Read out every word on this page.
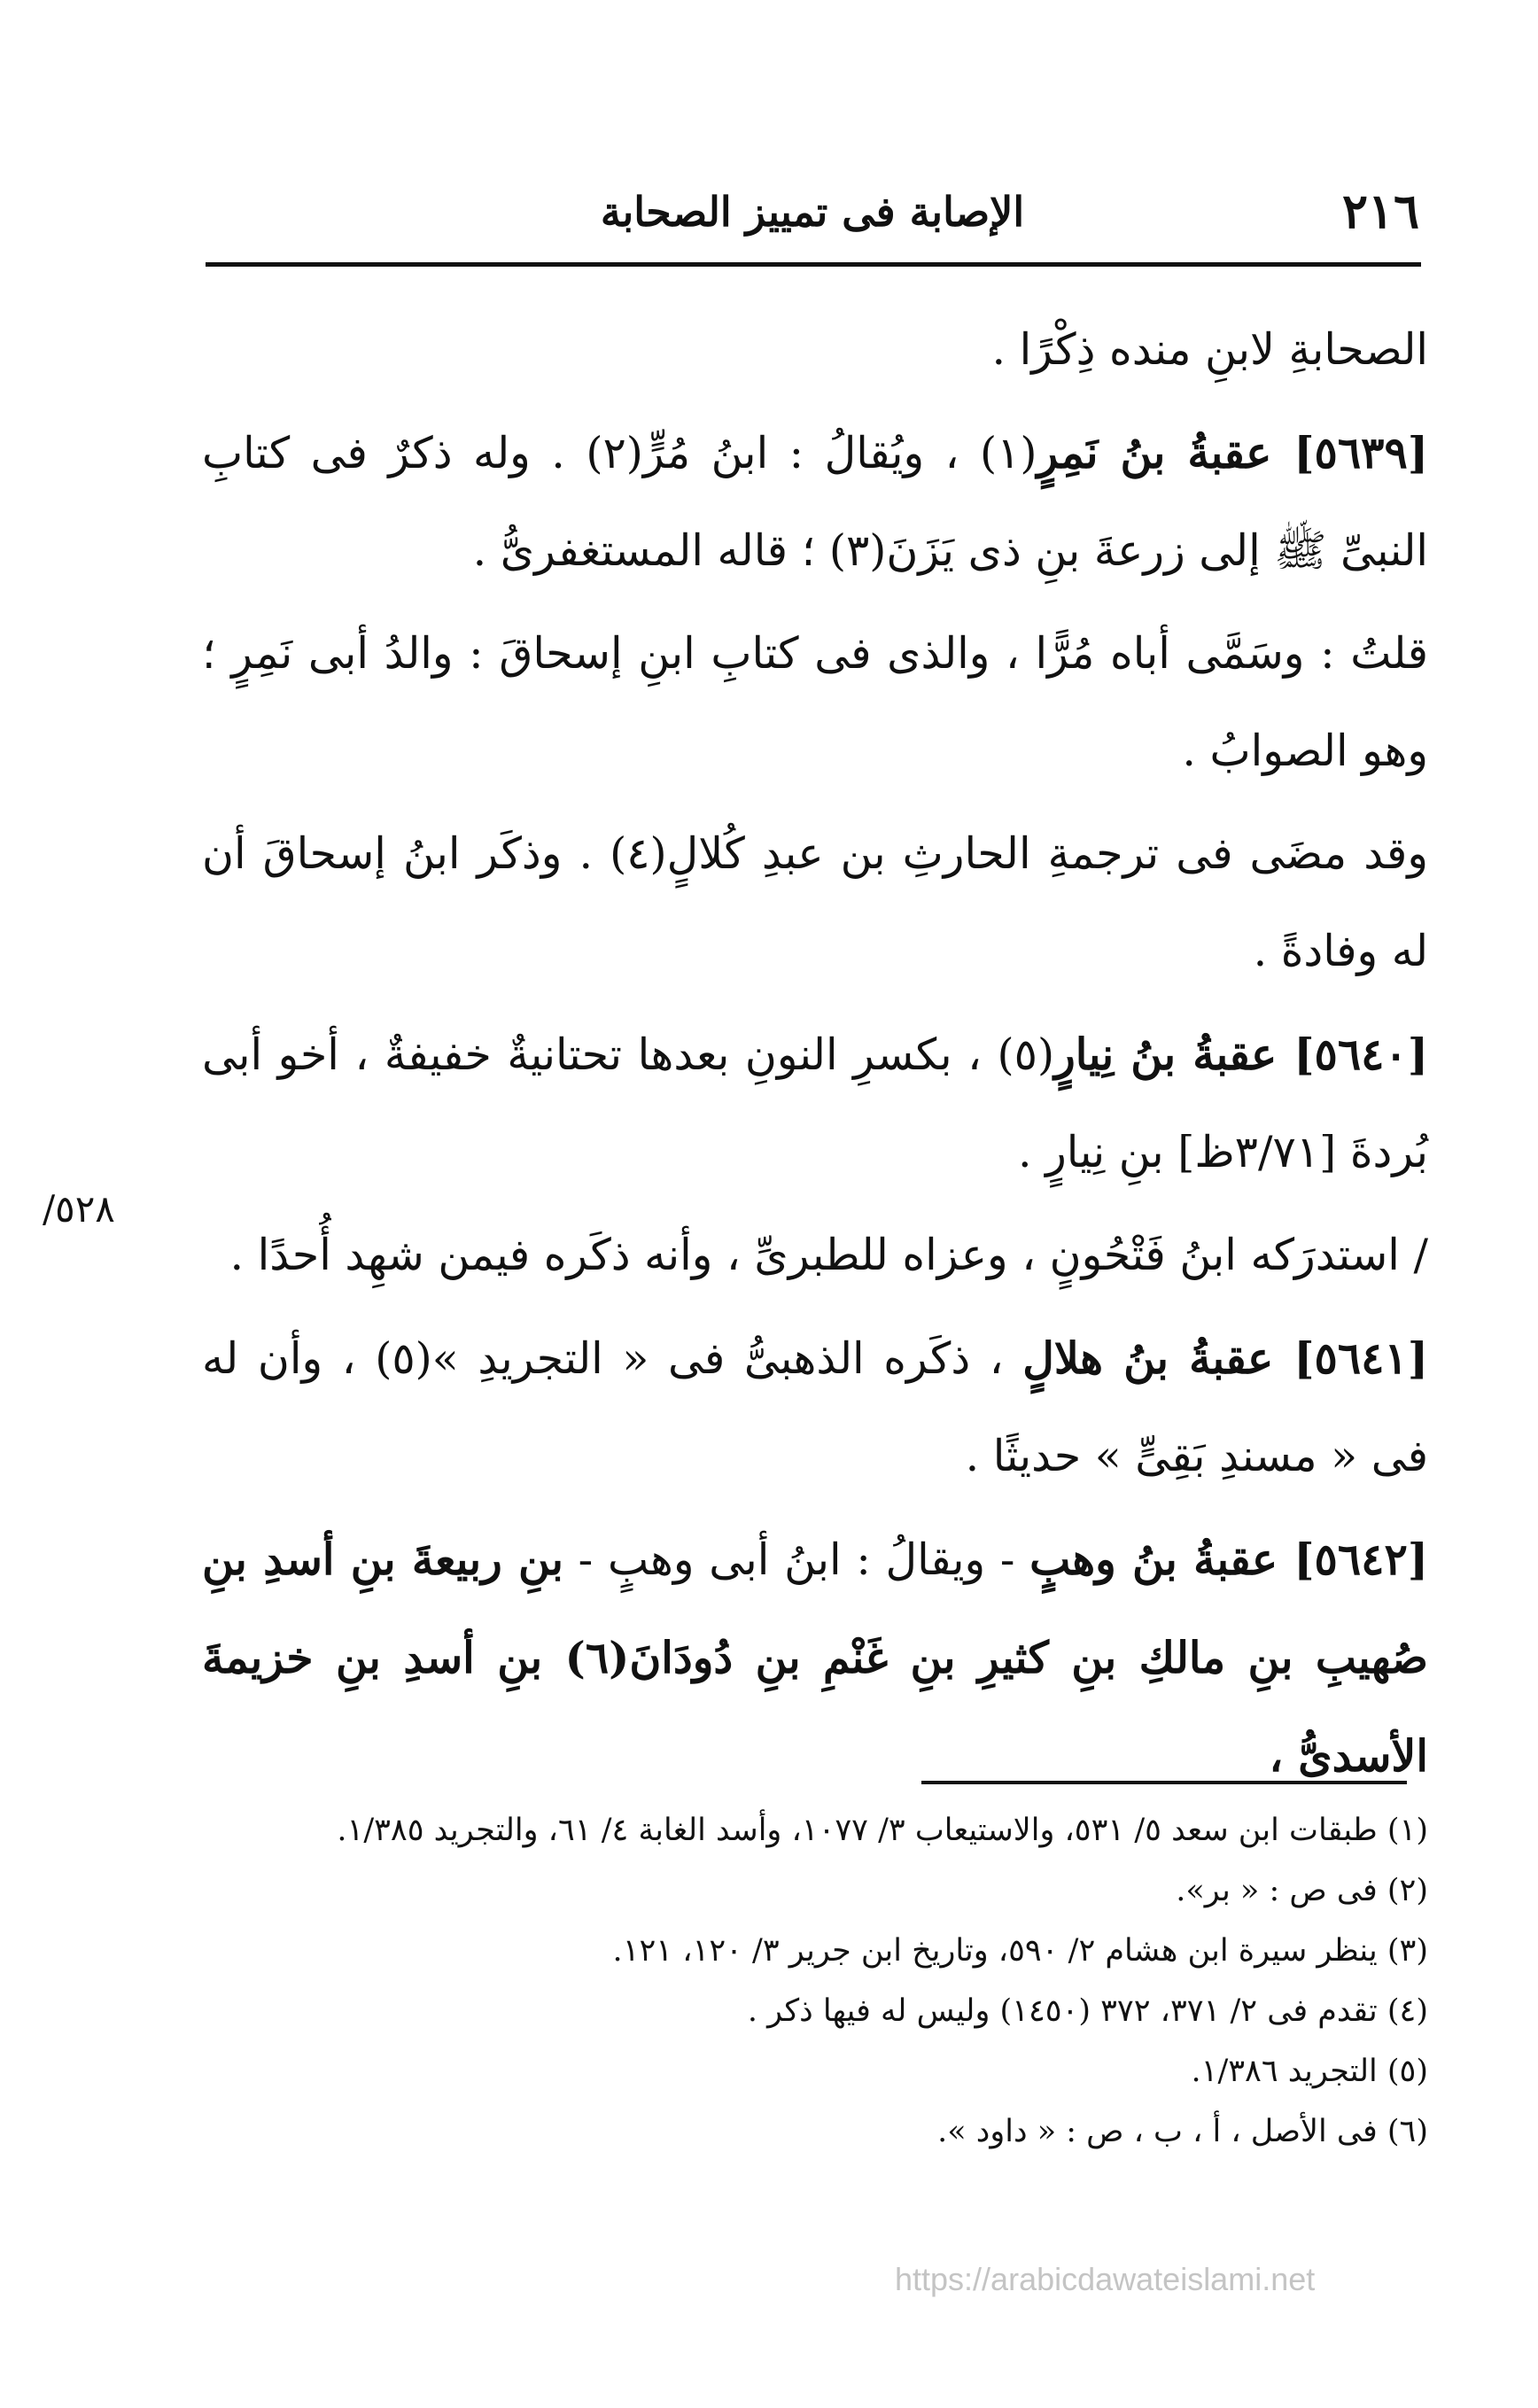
٢١٦
الإصابة فى تمييز الصحابة
٥٢٨/

الصحابةِ لابنِ منده ذِكْرًا .

[٥٦٣٩] عقبةُ بنُ نَمِرٍ(١) ، ويُقالُ : ابنُ مُرٍّ(٢) . وله ذكرٌ فى كتابِ النبىِّ ﷺ إلى زرعةَ بنِ ذى يَزَنَ(٣) ؛ قاله المستغفرىُّ .

قلتُ : وسَمَّى أباه مُرًّا ، والذى فى كتابِ ابنِ إسحاقَ : والدُ أبى نَمِرٍ ؛ وهو الصوابُ .

وقد مضَى فى ترجمةِ الحارثِ بن عبدِ كُلالٍ(٤) . وذكَر ابنُ إسحاقَ أن له وفادةً .

[٥٦٤٠] عقبةُ بنُ نِيارٍ(٥) ، بكسرِ النونِ بعدها تحتانيةٌ خفيفةٌ ، أخو أبى بُردةَ [٣/٧١ظ] بنِ نِيارٍ .

/ استدرَكه ابنُ فَتْحُونٍ ، وعزاه للطبرىِّ ، وأنه ذكَره فيمن شهِد أُحدًا .

[٥٦٤١] عقبةُ بنُ هلالٍ ، ذكَره الذهبىُّ فى « التجريدِ »(٥) ، وأن له فى « مسندِ بَقِىٍّ » حديثًا .

[٥٦٤٢] عقبةُ بنُ وهبٍ - ويقالُ : ابنُ أبى وهبٍ - بنِ ربيعةَ بنِ أسدِ بنِ صُهيبِ بنِ مالكِ بنِ كثيرِ بنِ غَنْمِ بنِ دُودَانَ(٦) بنِ أسدِ بنِ خزيمةَ الأسدىُّ ،

(١) طبقات ابن سعد ٥/ ٥٣١، والاستيعاب ٣/ ١٠٧٧، وأسد الغابة ٤/ ٦١، والتجريد ١/٣٨٥.
(٢) فى ص : « بر».
(٣) ينظر سيرة ابن هشام ٢/ ٥٩٠، وتاريخ ابن جرير ٣/ ١٢٠، ١٢١.
(٤) تقدم فى ٢/ ٣٧١، ٣٧٢ (١٤٥٠) وليس له فيها ذكر .
(٥) التجريد ١/٣٨٦.
(٦) فى الأصل ، أ ، ب ، ص : « داود ».
https://arabicdawateislami.net
